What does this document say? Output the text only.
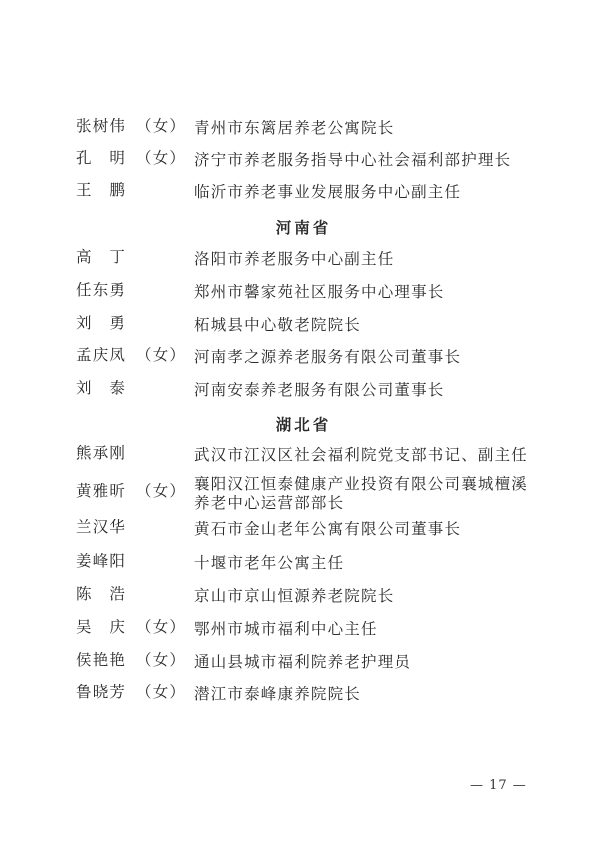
张树伟 （女） 青州市东篱居养老公寓院长
孔　明 （女） 济宁市养老服务指导中心社会福利部护理长
王　鹏	临沂市养老事业发展服务中心副主任
河南省
高　丁	洛阳市养老服务中心副主任
任东勇	郑州市馨家苑社区服务中心理事长
刘　勇	柘城县中心敬老院院长
孟庆凤 （女） 河南孝之源养老服务有限公司董事长
刘　泰	河南安泰养老服务有限公司董事长
湖北省
熊承刚	武汉市江汉区社会福利院党支部书记、副主任
黄雅昕 （女） 襄阳汉江恒泰健康产业投资有限公司襄城檀溪养老中心运营部部长
兰汉华	黄石市金山老年公寓有限公司董事长
姜峰阳	十堰市老年公寓主任
陈　浩	京山市京山恒源养老院院长
吴　庆 （女） 鄂州市城市福利中心主任
侯艳艳 （女） 通山县城市福利院养老护理员
鲁晓芳 （女） 潜江市泰峰康养院院长
— 17 —
